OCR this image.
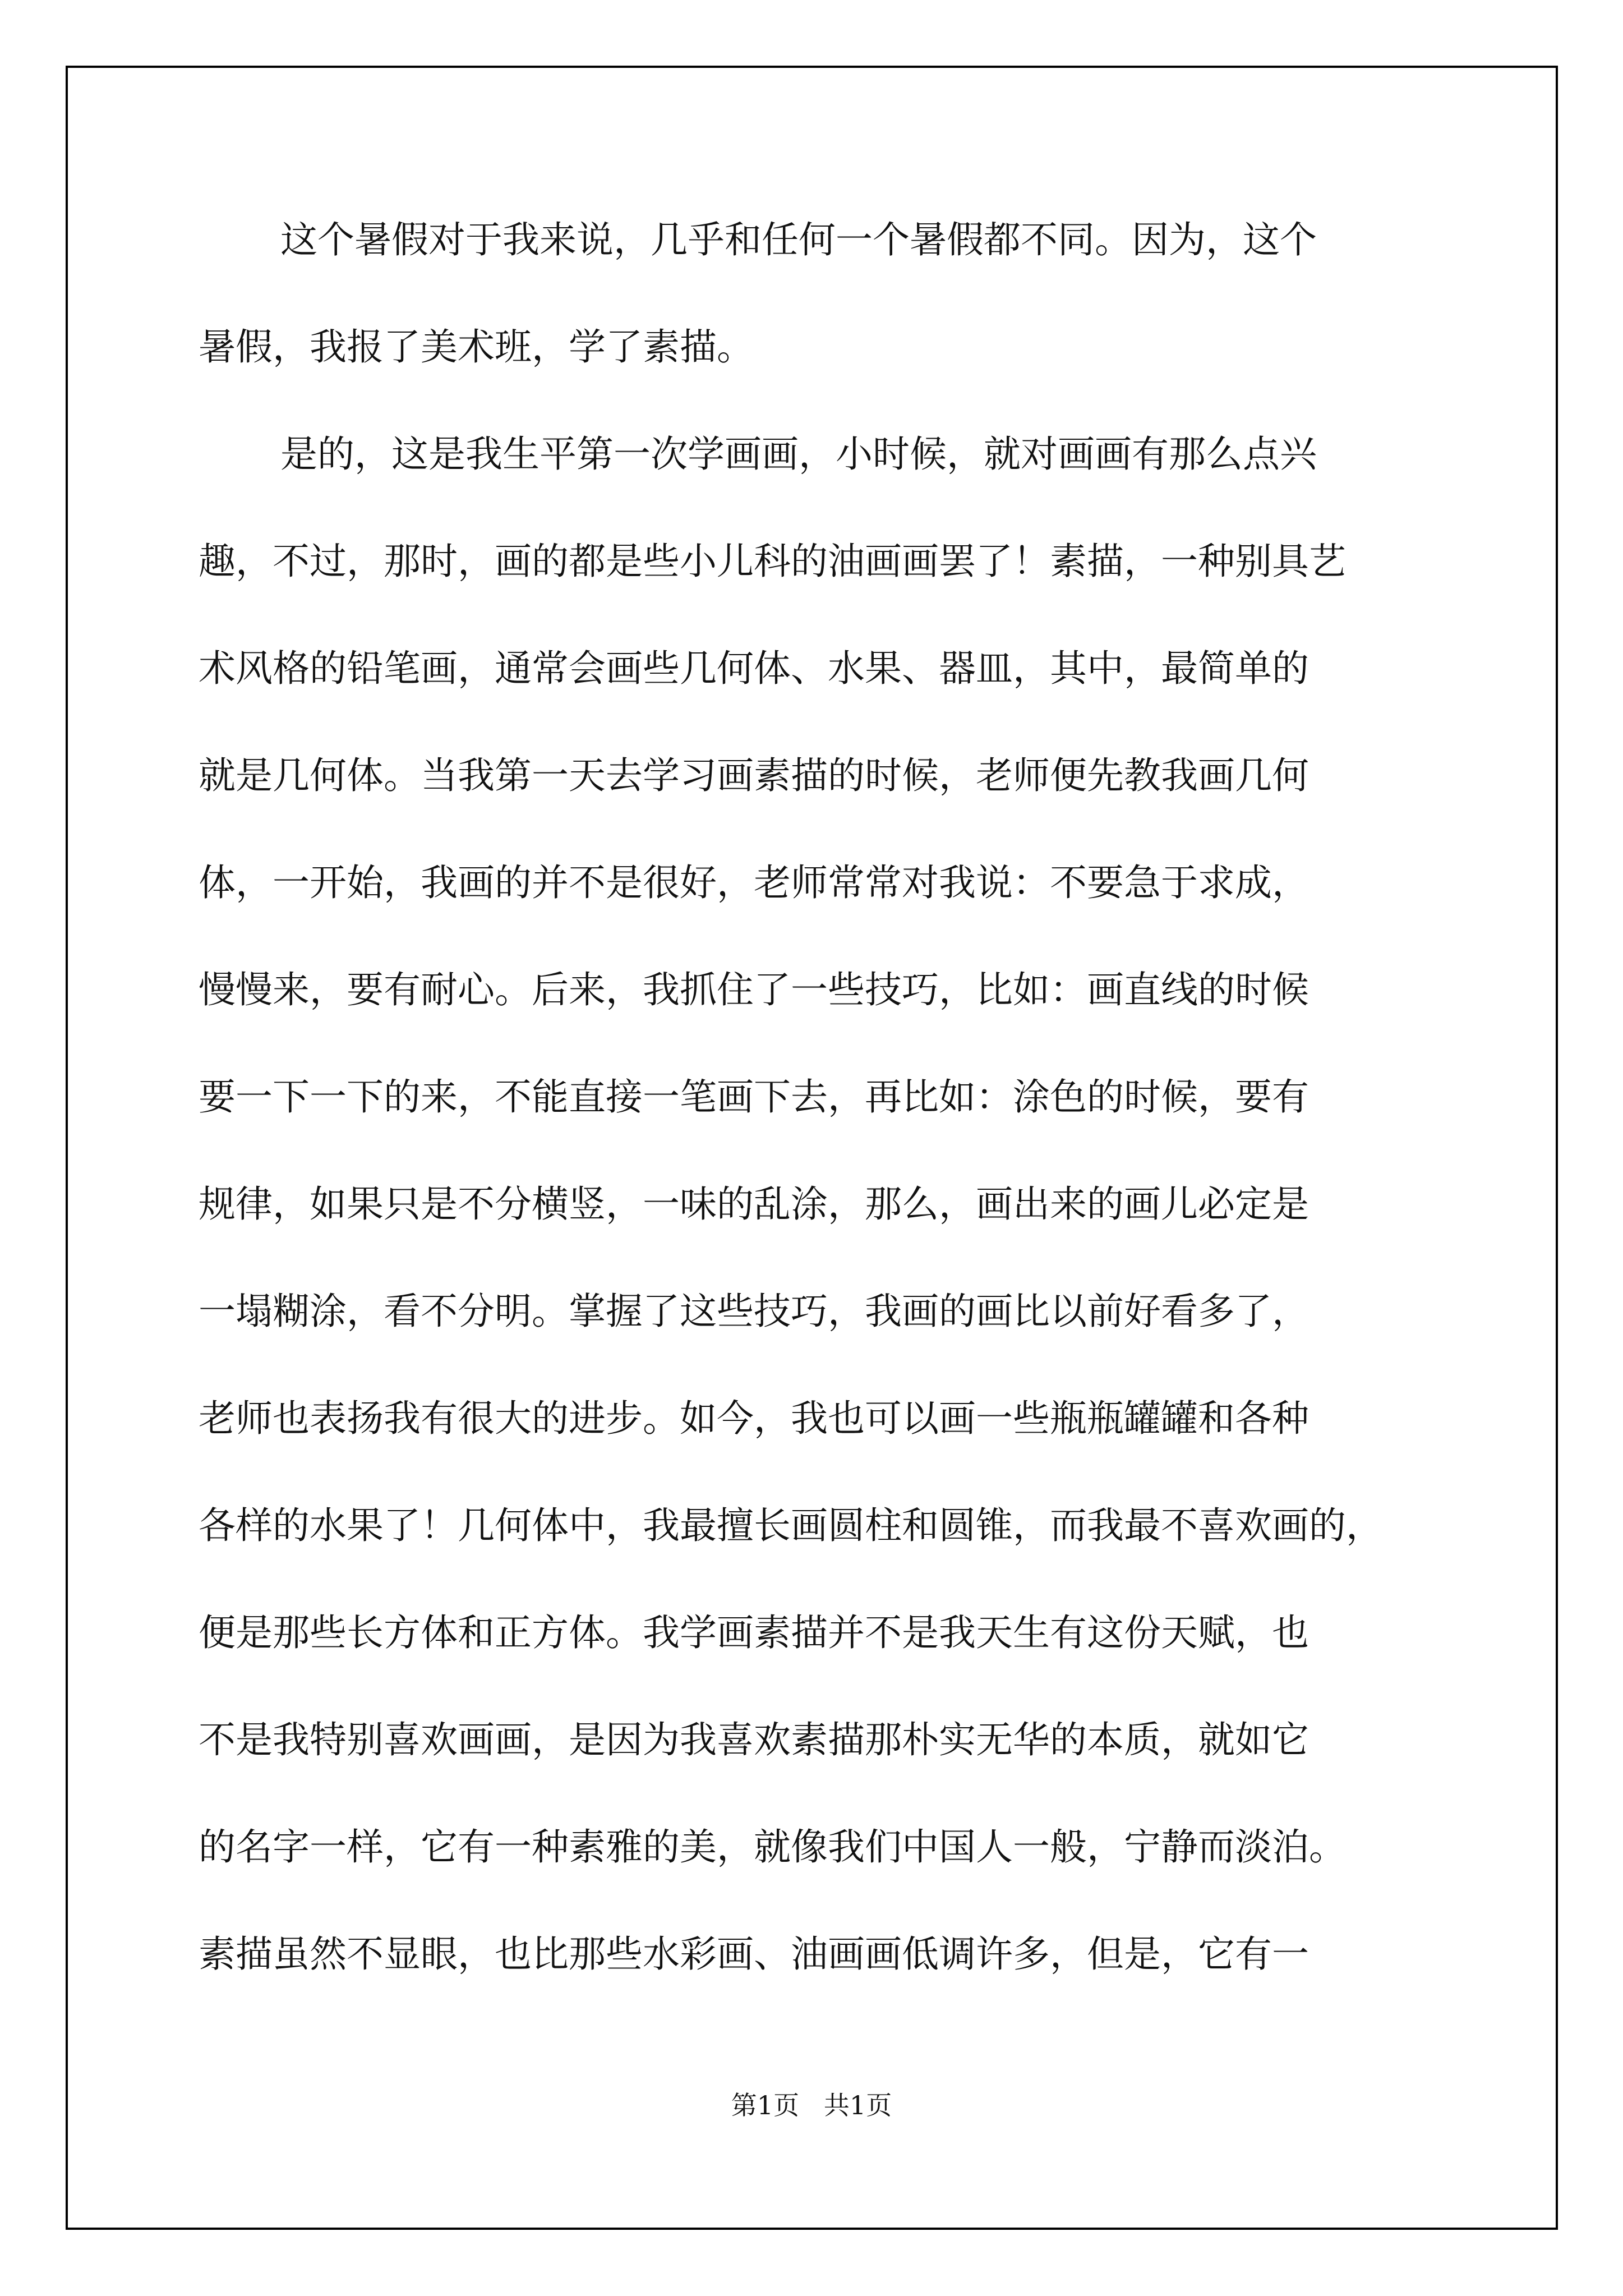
这个暑假对于我来说，几乎和任何一个暑假都不同。因为，这个
暑假，我报了美术班，学了素描。
是的，这是我生平第一次学画画，小时候，就对画画有那么点兴
趣，不过，那时，画的都是些小儿科的油画画罢了！素描，一种别具艺
术风格的铅笔画，通常会画些几何体、水果、器皿，其中，最简单的
就是几何体。当我第一天去学习画素描的时候，老师便先教我画几何
体，一开始，我画的并不是很好，老师常常对我说：不要急于求成，
慢慢来，要有耐心。后来，我抓住了一些技巧，比如：画直线的时候
要一下一下的来，不能直接一笔画下去，再比如：涂色的时候，要有
规律，如果只是不分横竖，一味的乱涂，那么，画出来的画儿必定是
一塌糊涂，看不分明。掌握了这些技巧，我画的画比以前好看多了，
老师也表扬我有很大的进步。如今，我也可以画一些瓶瓶罐罐和各种
各样的水果了！几何体中，我最擅长画圆柱和圆锥，而我最不喜欢画的，
便是那些长方体和正方体。我学画素描并不是我天生有这份天赋，也
不是我特别喜欢画画，是因为我喜欢素描那朴实无华的本质，就如它
的名字一样，它有一种素雅的美，就像我们中国人一般，宁静而淡泊。
素描虽然不显眼，也比那些水彩画、油画画低调许多，但是，它有一
第1页   共1页
